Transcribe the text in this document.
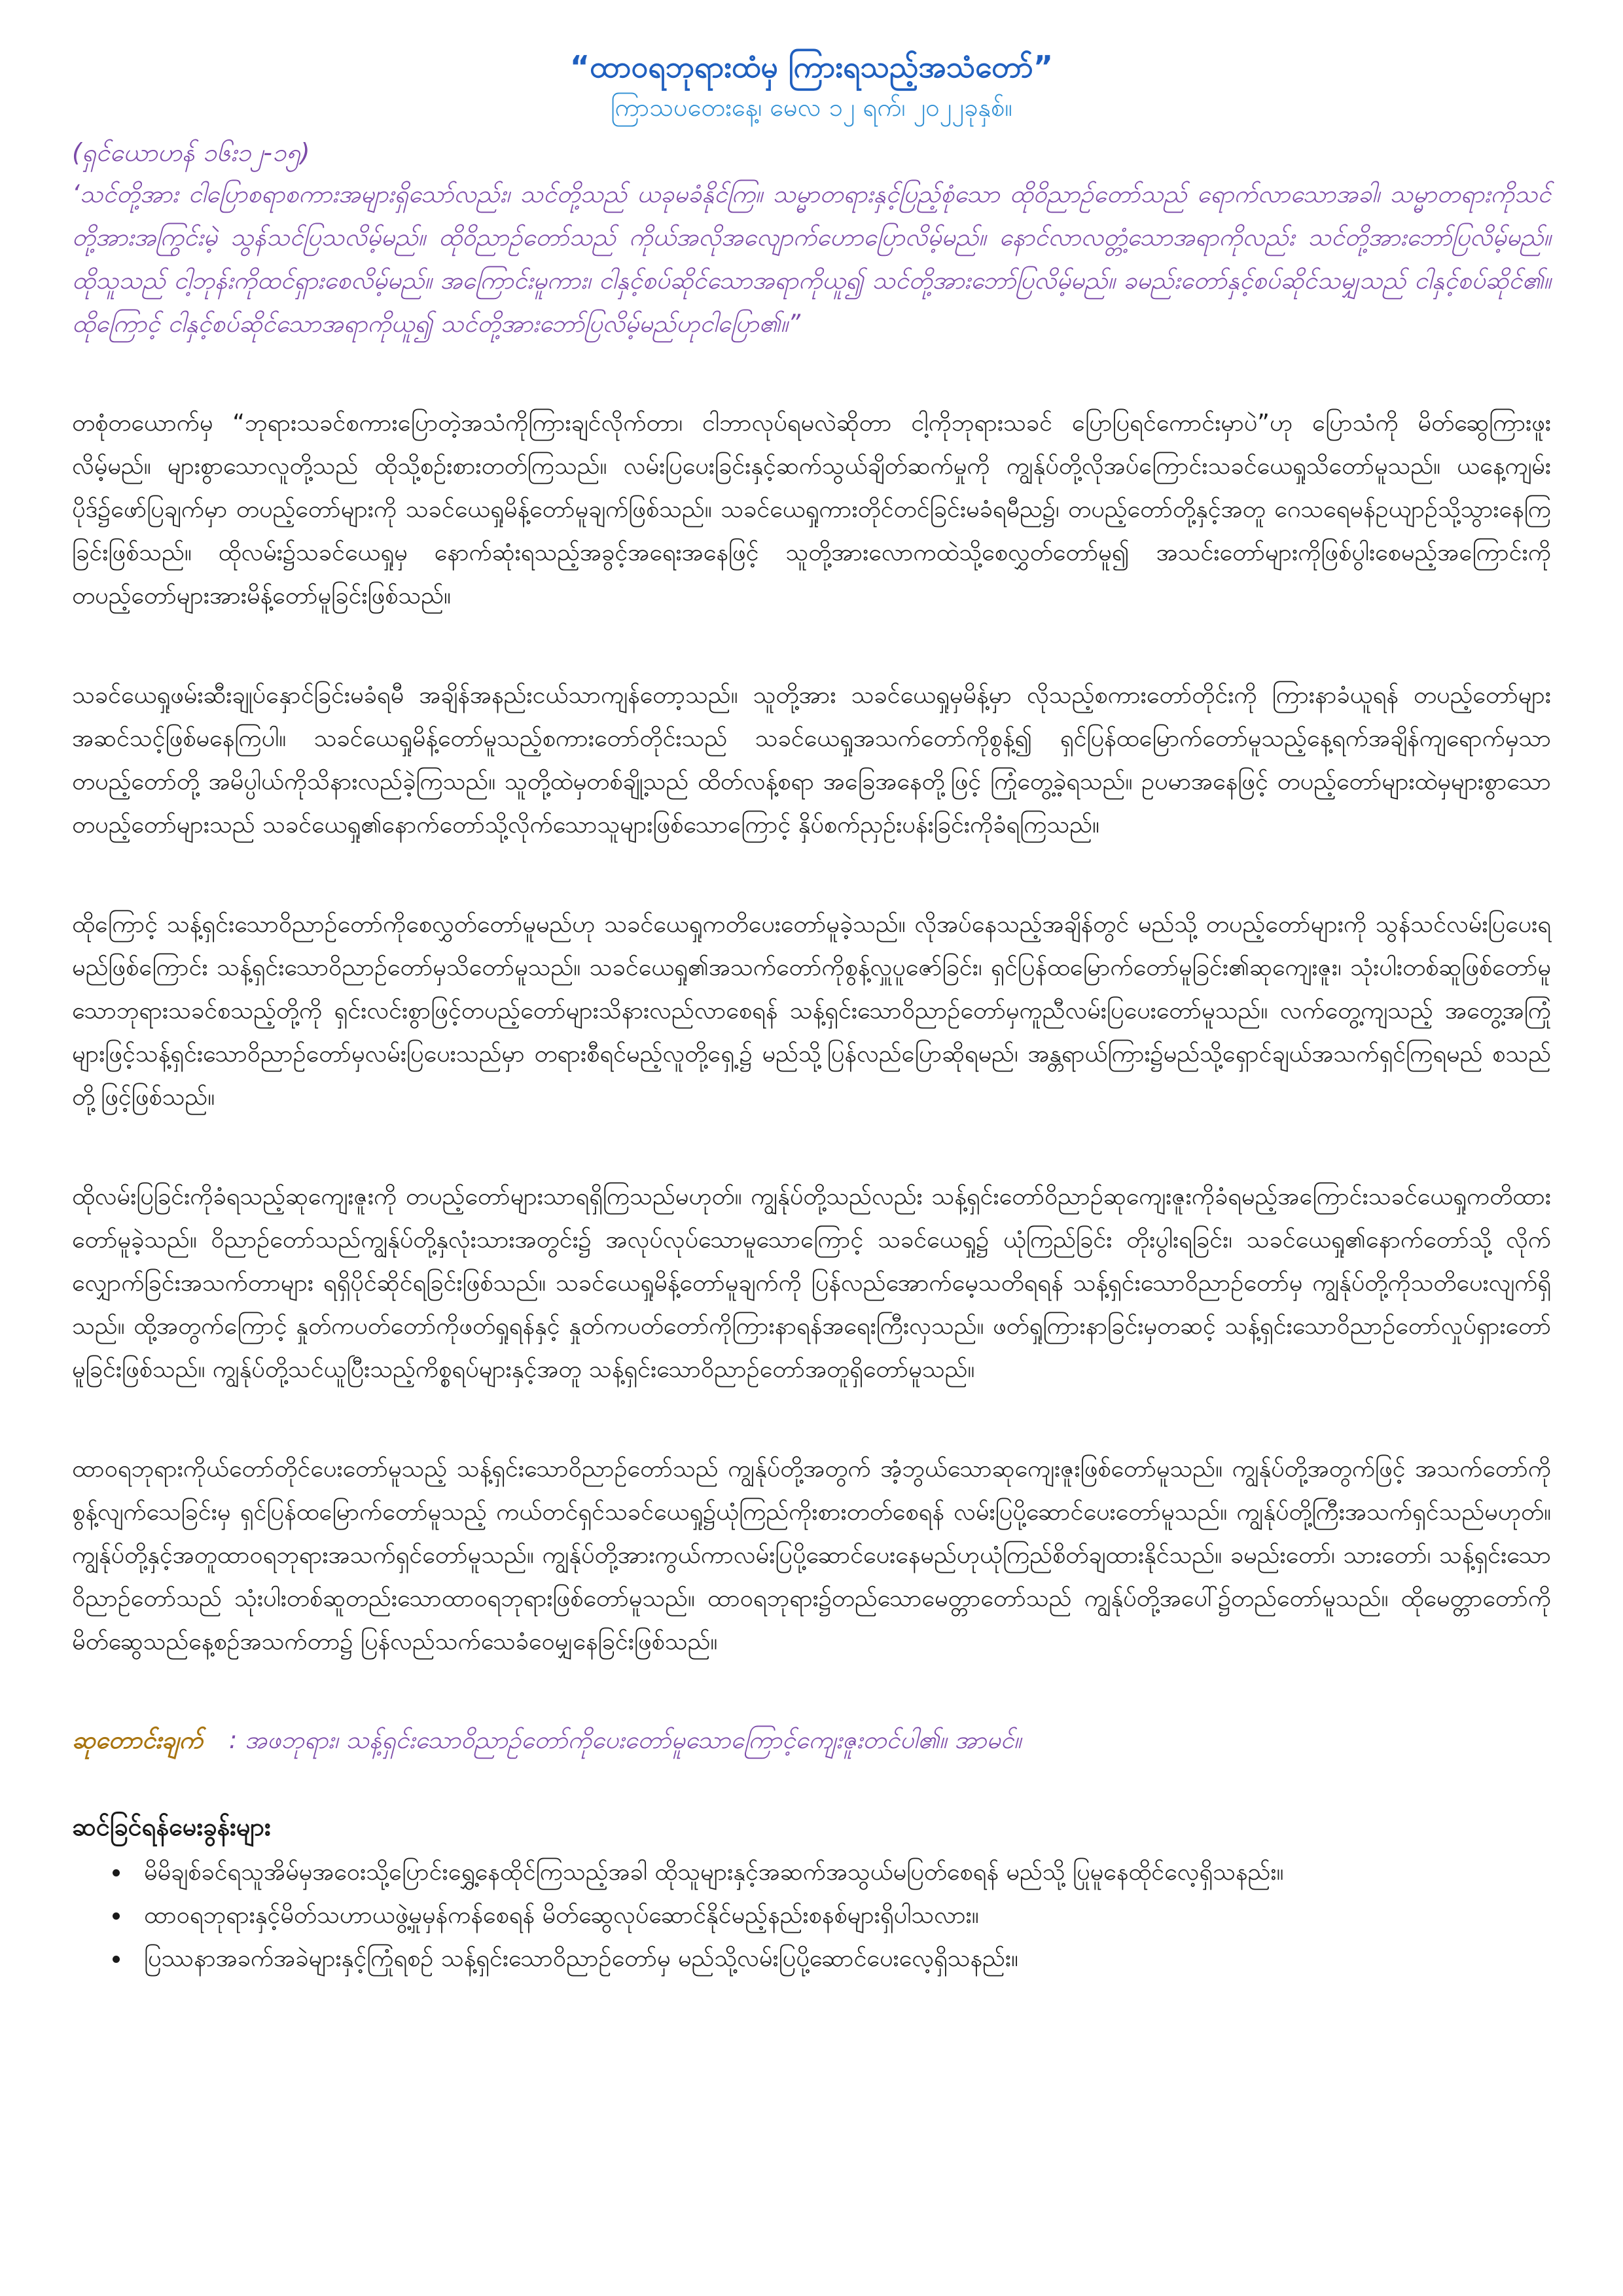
“ထာဝရဘုရားထံမှ ကြားရသည့်အသံတော်”

ကြာသပတေးနေ့၊ မေလ ၁၂ ရက်၊ ၂၀၂၂ခုနှစ်။

(ရှင်ယောဟန် ၁၆း၁၂-၁၅)

‘သင်တို့အား ငါပြောစရာစကားအများရှိသော်လည်း၊ သင်တို့သည် ယခုမခံနိုင်ကြ။ သမ္မာတရားနှင့်ပြည့်စုံသော ထိုဝိညာဉ်တော်သည် ရောက်လာသောအခါ၊ သမ္မာတရားကိုသင်တို့အားအကြွင်းမဲ့ သွန်သင်ပြသလိမ့်မည်။ ထိုဝိညာဉ်တော်သည် ကိုယ်အလိုအလျောက်ဟောပြောလိမ့်မည်။ နောင်လာလတ္တံ့သောအရာကိုလည်း သင်တို့အားဘော်ပြလိမ့်မည်။ ထိုသူသည် ငါ့ဘုန်းကိုထင်ရှားစေလိမ့်မည်။ အကြောင်းမူကား၊ ငါနှင့်စပ်ဆိုင်သောအရာကိုယူ၍ သင်တို့အားဘော်ပြလိမ့်မည်။ ခမည်းတော်နှင့်စပ်ဆိုင်သမျှသည် ငါနှင့်စပ်ဆိုင်၏။ ထိုကြောင့် ငါနှင့်စပ်ဆိုင်သောအရာကိုယူ၍ သင်တို့အားဘော်ပြလိမ့်မည်ဟုငါပြော၏။”

တစုံတယောက်မှ “ဘုရားသခင်စကားပြောတဲ့အသံကိုကြားချင်လိုက်တာ၊ ငါဘာလုပ်ရမလဲဆိုတာ ငါ့ကိုဘုရားသခင် ပြောပြရင်ကောင်းမှာပဲ”ဟု ပြောသံကို မိတ်ဆွေကြားဖူးလိမ့်မည်။ များစွာသောလူတို့သည် ထိုသို့စဉ်းစားတတ်ကြသည်။ လမ်းပြပေးခြင်းနှင့်ဆက်သွယ်ချိတ်ဆက်မှုကို ကျွန်ုပ်တို့လိုအပ်ကြောင်းသခင်ယေရှုသိတော်မူသည်။ ယနေ့ကျမ်းပိုဒ်၌ဖော်ပြချက်မှာ တပည့်တော်များကို သခင်ယေရှုမိန့်တော်မူချက်ဖြစ်သည်။ သခင်ယေရှုကားတိုင်တင်ခြင်းမခံရမီည၌၊ တပည့်တော်တို့နှင့်အတူ ဂေသရေမန်ဥယျာဉ်သို့သွားနေကြခြင်းဖြစ်သည်။ ထိုလမ်း၌သခင်ယေရှုမှ နောက်ဆုံးရသည့်အခွင့်အရေးအနေဖြင့် သူတို့အားလောကထဲသို့စေလွှတ်တော်မူ၍ အသင်းတော်များကိုဖြစ်ပွါးစေမည့်အကြောင်းကို တပည့်တော်များအားမိန့်တော်မူခြင်းဖြစ်သည်။

သခင်ယေရှုဖမ်းဆီးချုပ်နှောင်ခြင်းမခံရမီ အချိန်အနည်းငယ်သာကျန်တော့သည်။ သူတို့အား သခင်ယေရှုမှမိန့်မှာ လိုသည့်စကားတော်တိုင်းကို ကြားနာခံယူရန် တပည့်တော်များအဆင်သင့်ဖြစ်မနေကြပါ။ သခင်ယေရှုမိန့်တော်မူသည့်စကားတော်တိုင်းသည် သခင်ယေရှုအသက်တော်ကိုစွန့်၍ ရှင်ပြန်ထမြောက်တော်မူသည့်နေ့ရက်အချိန်ကျရောက်မှသာတပည့်တော်တို့ အမိပ္ပါယ်ကိုသိနားလည်ခဲ့ကြသည်။ သူတို့ထဲမှတစ်ချို့သည် ထိတ်လန့်စရာ အခြေအနေတို့ဖြင့် ကြုံတွေ့ခဲ့ရသည်။ ဥပမာအနေဖြင့် တပည့်တော်များထဲမှများစွာသော တပည့်တော်များသည် သခင်ယေရှု၏နောက်တော်သို့လိုက်သောသူများဖြစ်သောကြောင့် နှိပ်စက်ညှဉ်းပန်းခြင်းကိုခံရကြသည်။

ထိုကြောင့် သန့်ရှင်းသောဝိညာဉ်တော်ကိုစေလွှတ်တော်မူမည်ဟု သခင်ယေရှုကတိပေးတော်မူခဲ့သည်။ လိုအပ်နေသည့်အချိန်တွင် မည်သို့ တပည့်တော်များကို သွန်သင်လမ်းပြပေးရမည်ဖြစ်ကြောင်း သန့်ရှင်းသောဝိညာဉ်တော်မှသိတော်မူသည်။ သခင်ယေရှု၏အသက်တော်ကိုစွန့်လှူပူဇော်ခြင်း၊ ရှင်ပြန်ထမြောက်တော်မူခြင်း၏ဆုကျေးဇူး၊ သုံးပါးတစ်ဆူဖြစ်တော်မူသောဘုရားသခင်စသည့်တို့ကို ရှင်းလင်းစွာဖြင့်တပည့်တော်များသိနားလည်လာစေရန် သန့်ရှင်းသောဝိညာဉ်တော်မှကူညီလမ်းပြပေးတော်မူသည်။ လက်တွေ့ကျသည့် အတွေ့အကြုံများဖြင့်သန့်ရှင်းသောဝိညာဉ်တော်မှလမ်းပြပေးသည်မှာ တရားစီရင်မည့်လူတို့ရှေ့၌ မည်သို့ပြန်လည်ပြောဆိုရမည်၊ အန္တရာယ်ကြား၌မည်သို့ရှောင်ချယ်အသက်ရှင်ကြရမည် စသည်တို့ဖြင့်ဖြစ်သည်။

ထိုလမ်းပြခြင်းကိုခံရသည့်ဆုကျေးဇူးကို တပည့်တော်များသာရရှိကြသည်မဟုတ်။ ကျွန်ုပ်တို့သည်လည်း သန့်ရှင်းတော်ဝိညာဉ်ဆုကျေးဇူးကိုခံရမည့်အကြောင်းသခင်ယေရှုကတိထားတော်မူခဲ့သည်။ ဝိညာဉ်တော်သည်ကျွန်ုပ်တို့နှလုံးသားအတွင်း၌ အလုပ်လုပ်သောမူသောကြောင့် သခင်ယေရှု၌ ယုံကြည်ခြင်း တိုးပွါးရခြင်း၊ သခင်ယေရှု၏နောက်တော်သို့ လိုက်လျှောက်ခြင်းအသက်တာများ ရရှိပိုင်ဆိုင်ရခြင်းဖြစ်သည်။ သခင်ယေရှုမိန့်တော်မူချက်ကို ပြန်လည်အောက်မေ့သတိရရန် သန့်ရှင်းသောဝိညာဉ်တော်မှ ကျွန်ုပ်တို့ကိုသတိပေးလျက်ရှိသည်။ ထို့အတွက်ကြောင့် နှုတ်ကပတ်တော်ကိုဖတ်ရှုရန်နှင့် နှုတ်ကပတ်တော်ကိုကြားနာရန်အရေးကြီးလှသည်။ ဖတ်ရှုကြားနာခြင်းမှတဆင့် သန့်ရှင်းသောဝိညာဉ်တော်လှုပ်ရှားတော်မူခြင်းဖြစ်သည်။ ကျွန်ုပ်တို့သင်ယူပြီးသည့်ကိစ္စရပ်များနှင့်အတူ သန့်ရှင်းသောဝိညာဉ်တော်အတူရှိတော်မူသည်။

ထာဝရဘုရားကိုယ်တော်တိုင်ပေးတော်မူသည့် သန့်ရှင်းသောဝိညာဉ်တော်သည် ကျွန်ုပ်တို့အတွက် အံ့ဘွယ်သောဆုကျေးဇူးဖြစ်တော်မူသည်။ ကျွန်ုပ်တို့အတွက်ဖြင့် အသက်တော်ကိုစွန့်လျက်သေခြင်းမှ ရှင်ပြန်ထမြောက်တော်မူသည့် ကယ်တင်ရှင်သခင်ယေရှု၌ယုံကြည်ကိုးစားတတ်စေရန် လမ်းပြပို့ဆောင်ပေးတော်မူသည်။ ကျွန်ုပ်တို့ကြီးအသက်ရှင်သည်မဟုတ်။ ကျွန်ုပ်တို့နှင့်အတူထာဝရဘုရားအသက်ရှင်တော်မူသည်။ ကျွန်ုပ်တို့အားကွယ်ကာလမ်းပြပို့ဆောင်ပေးနေမည်ဟုယုံကြည်စိတ်ချထားနိုင်သည်။ ခမည်းတော်၊ သားတော်၊ သန့်ရှင်းသောဝိညာဉ်တော်သည် သုံးပါးတစ်ဆူတည်းသောထာဝရဘုရားဖြစ်တော်မူသည်။ ထာဝရဘုရား၌တည်သောမေတ္တာတော်သည် ကျွန်ုပ်တို့အပေါ်၌တည်တော်မူသည်။ ထိုမေတ္တာတော်ကို မိတ်ဆွေသည်နေ့စဉ်အသက်တာ၌ ပြန်လည်သက်သေခံဝေမျှနေခြင်းဖြစ်သည်။

ဆုတောင်းချက် : အဖဘုရား၊ သန့်ရှင်းသောဝိညာဉ်တော်ကိုပေးတော်မူသောကြောင့်ကျေးဇူးတင်ပါ၏။ အာမင်။

ဆင်ခြင်ရန်မေးခွန်းများ

• မိမိချစ်ခင်ရသူအိမ်မှအဝေးသို့ပြောင်းရွှေ့နေထိုင်ကြသည့်အခါ ထိုသူများနှင့်အဆက်အသွယ်မပြတ်စေရန် မည်သို့ ပြုမူနေထိုင်လေ့ရှိသနည်း။
• ထာဝရဘုရားနှင့်မိတ်သဟာယဖွဲ့မှုမှန်ကန်စေရန် မိတ်ဆွေလုပ်ဆောင်နိုင်မည့်နည်းစနစ်များရှိပါသလား။
• ပြဿနာအခက်အခဲများနှင့်ကြုံရစဉ် သန့်ရှင်းသောဝိညာဉ်တော်မှ မည်သို့လမ်းပြပို့ဆောင်ပေးလေ့ရှိသနည်း။
